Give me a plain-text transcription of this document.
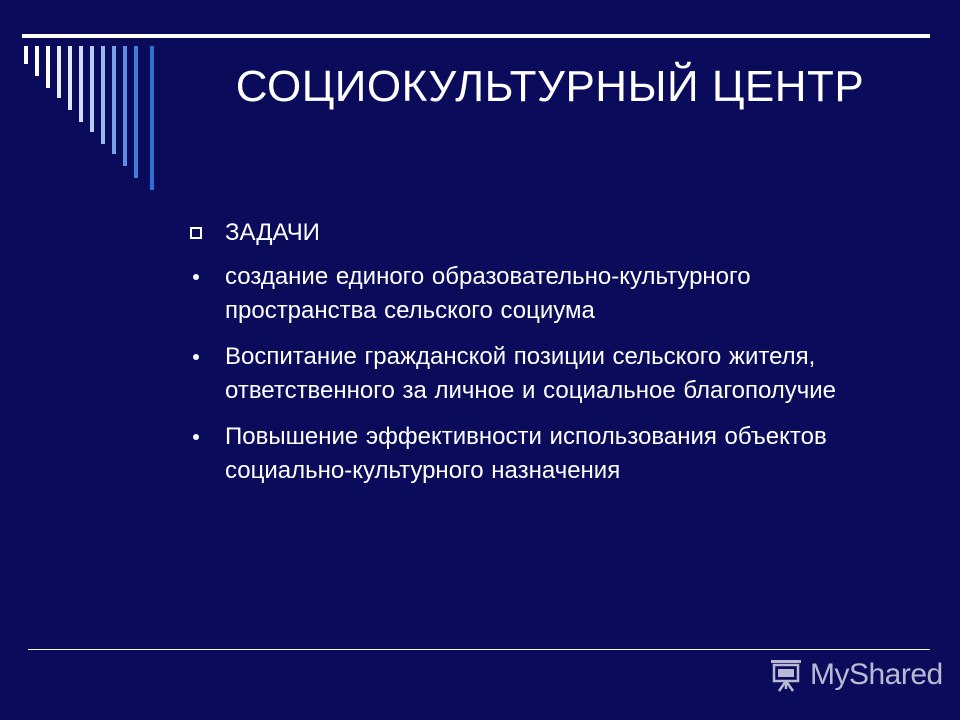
СОЦИОКУЛЬТУРНЫЙ ЦЕНТР
ЗАДАЧИ
создание единого образовательно-культурного пространства сельского социума
Воспитание гражданской позиции сельского жителя, ответственного за личное и социальное благополучие
Повышение эффективности использования объектов социально-культурного назначения
MyShared
